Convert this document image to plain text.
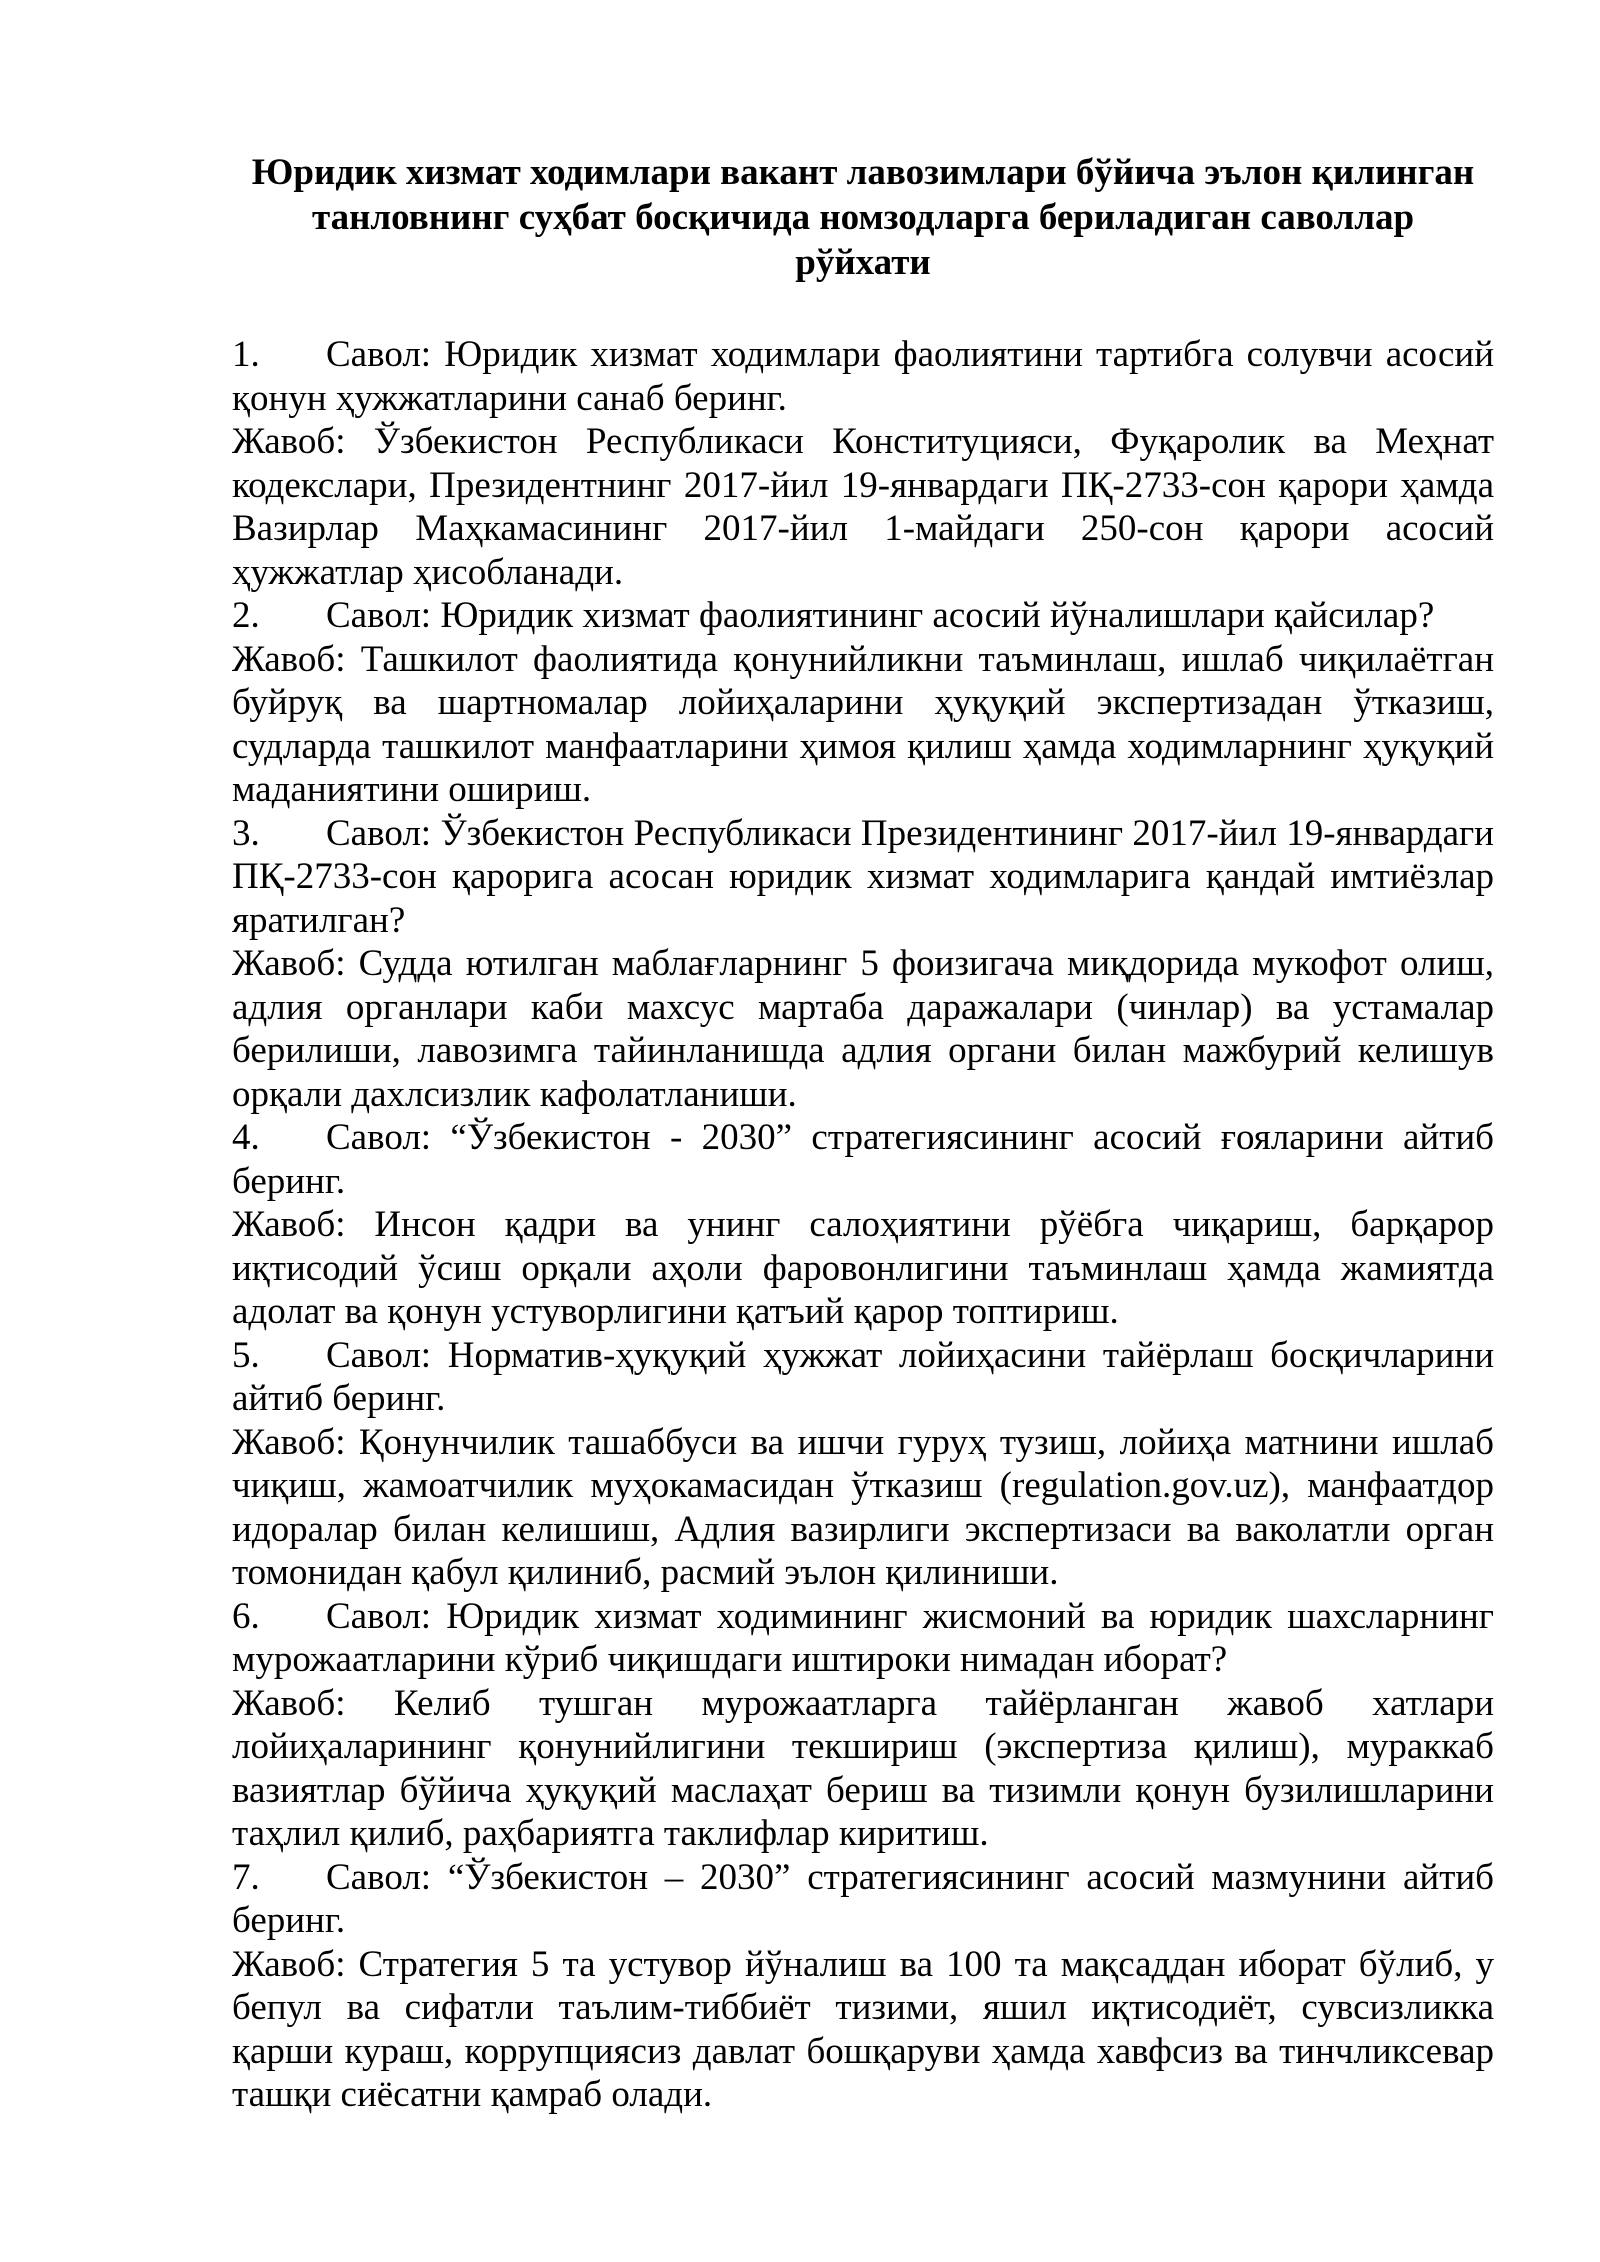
Юридик хизмат ходимлари вакант лавозимлари бўйича эълон қилинган
танловнинг суҳбат босқичида номзодларга бериладиган саволлар
рўйхати

1. Савол: Юридик хизмат ходимлари фаолиятини тартибга солувчи асосий қонун ҳужжатларини санаб беринг.

Жавоб: Ўзбекистон Республикаси Конституцияси, Фуқаролик ва Меҳнат кодекслари, Президентнинг 2017-йил 19-январдаги ПҚ-2733-сон қарори ҳамда Вазирлар Маҳкамасининг 2017-йил 1-майдаги 250-сон қарори асосий ҳужжатлар ҳисобланади.

2. Савол: Юридик хизмат фаолиятининг асосий йўналишлари қайсилар?

Жавоб: Ташкилот фаолиятида қонунийликни таъминлаш, ишлаб чиқилаётган буйруқ ва шартномалар лойиҳаларини ҳуқуқий экспертизадан ўтказиш, судларда ташкилот манфаатларини ҳимоя қилиш ҳамда ходимларнинг ҳуқуқий маданиятини ошириш.

3. Савол: Ўзбекистон Республикаси Президентининг 2017-йил 19-январдаги ПҚ-2733-сон қарорига асосан юридик хизмат ходимларига қандай имтиёзлар яратилган?

Жавоб: Судда ютилган маблағларнинг 5 фоизигача миқдорида мукофот олиш, адлия органлари каби махсус мартаба даражалари (чинлар) ва устамалар берилиши, лавозимга тайинланишда адлия органи билан мажбурий келишув орқали дахлсизлик кафолатланиши.

4. Савол: “Ўзбекистон - 2030” стратегиясининг асосий ғояларини айтиб беринг.

Жавоб: Инсон қадри ва унинг салоҳиятини рўёбга чиқариш, барқарор иқтисодий ўсиш орқали аҳоли фаровонлигини таъминлаш ҳамда жамиятда адолат ва қонун устуворлигини қатъий қарор топтириш.

5. Савол: Норматив-ҳуқуқий ҳужжат лойиҳасини тайёрлаш босқичларини айтиб беринг.

Жавоб: Қонунчилик ташаббуси ва ишчи гуруҳ тузиш, лойиҳа матнини ишлаб чиқиш, жамоатчилик муҳокамасидан ўтказиш (regulation.gov.uz), манфаатдор идоралар билан келишиш, Адлия вазирлиги экспертизаси ва ваколатли орган томонидан қабул қилиниб, расмий эълон қилиниши.

6. Савол: Юридик хизмат ходимининг жисмоний ва юридик шахсларнинг мурожаатларини кўриб чиқишдаги иштироки нимадан иборат?

Жавоб: Келиб тушган мурожаатларга тайёрланган жавоб хатлари лойиҳаларининг қонунийлигини текшириш (экспертиза қилиш), мураккаб вазиятлар бўйича ҳуқуқий маслаҳат бериш ва тизимли қонун бузилишларини таҳлил қилиб, раҳбариятга таклифлар киритиш.

7. Савол: “Ўзбекистон – 2030” стратегиясининг асосий мазмунини айтиб беринг.

Жавоб: Стратегия 5 та устувор йўналиш ва 100 та мақсаддан иборат бўлиб, у бепул ва сифатли таълим-тиббиёт тизими, яшил иқтисодиёт, сувсизликка қарши кураш, коррупциясиз давлат бошқаруви ҳамда хавфсиз ва тинчликсевар ташқи сиёсатни қамраб олади.
